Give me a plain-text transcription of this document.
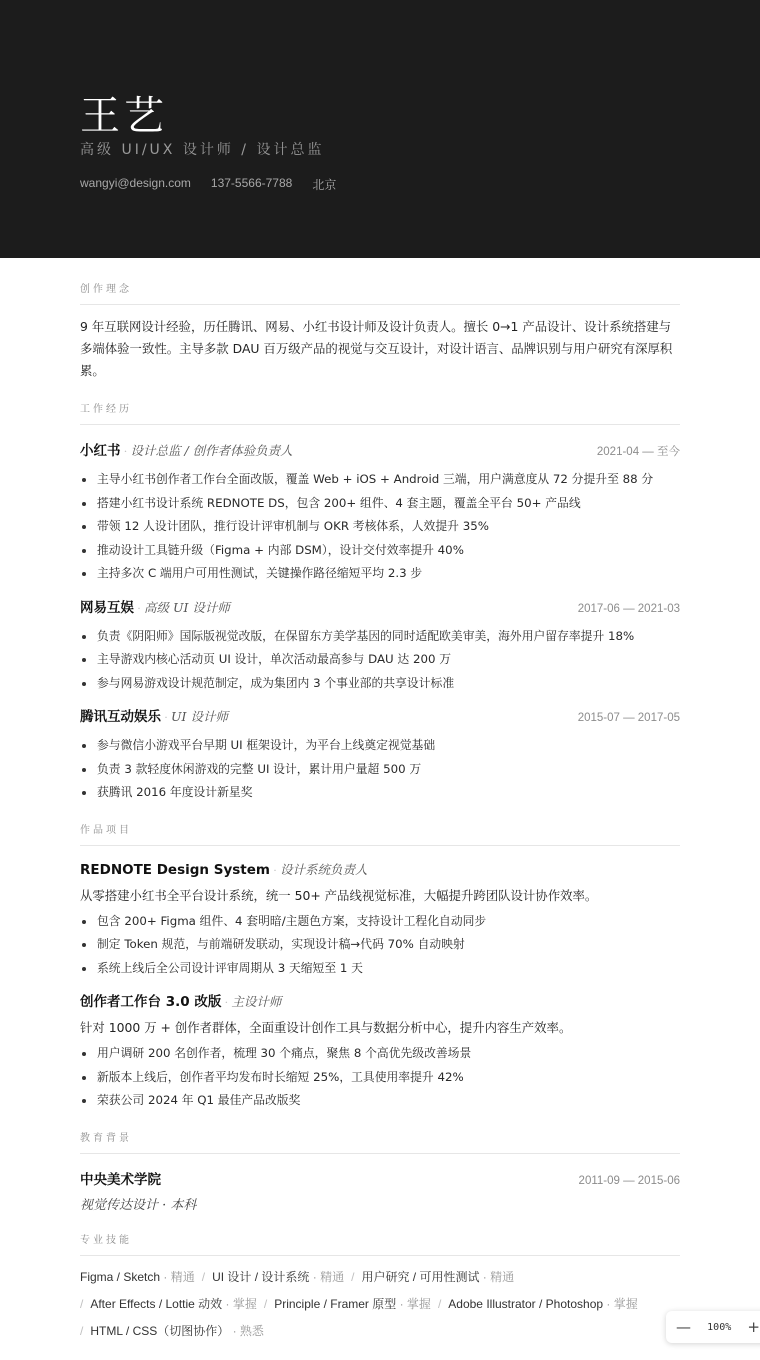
王艺
高级 UI/UX 设计师 / 设计总监
wangyi@design.com 137-5566-7788 北京
创作理念

9 年互联网设计经验，历任腾讯、网易、小红书设计师及设计负责人。擅长 0→1 产品设计、设计系统搭建与多端体验一致性。主导多款 DAU 百万级产品的视觉与交互设计，对设计语言、品牌识别与用户研究有深厚积累。

工作经历
小红书 · 设计总监 / 创作者体验负责人	2021-04 — 至今
主导小红书创作者工作台全面改版，覆盖 Web + iOS + Android 三端，用户满意度从 72 分提升至 88 分
搭建小红书设计系统 REDNOTE DS，包含 200+ 组件、4 套主题，覆盖全平台 50+ 产品线
带领 12 人设计团队，推行设计评审机制与 OKR 考核体系，人效提升 35%
推动设计工具链升级（Figma + 内部 DSM），设计交付效率提升 40%
主持多次 C 端用户可用性测试，关键操作路径缩短平均 2.3 步
网易互娱 · 高级 UI 设计师	2017-06 — 2021-03
负责《阴阳师》国际版视觉改版，在保留东方美学基因的同时适配欧美审美，海外用户留存率提升 18%
主导游戏内核心活动页 UI 设计，单次活动最高参与 DAU 达 200 万
参与网易游戏设计规范制定，成为集团内 3 个事业部的共享设计标准
腾讯互动娱乐 · UI 设计师	2015-07 — 2017-05
参与微信小游戏平台早期 UI 框架设计，为平台上线奠定视觉基础
负责 3 款轻度休闲游戏的完整 UI 设计，累计用户量超 500 万
获腾讯 2016 年度设计新星奖
作品项目
REDNOTE Design System · 设计系统负责人
从零搭建小红书全平台设计系统，统一 50+ 产品线视觉标准，大幅提升跨团队设计协作效率。
包含 200+ Figma 组件、4 套明暗/主题色方案，支持设计工程化自动同步
制定 Token 规范，与前端研发联动，实现设计稿→代码 70% 自动映射
系统上线后全公司设计评审周期从 3 天缩短至 1 天
创作者工作台 3.0 改版 · 主设计师
针对 1000 万 + 创作者群体，全面重设计创作工具与数据分析中心，提升内容生产效率。
用户调研 200 名创作者，梳理 30 个痛点，聚焦 8 个高优先级改善场景
新版本上线后，创作者平均发布时长缩短 25%，工具使用率提升 42%
荣获公司 2024 年 Q1 最佳产品改版奖
教育背景
中央美术学院	2011-09 — 2015-06
视觉传达设计 · 本科
专业技能
Figma / Sketch · 精通 / UI 设计 / 设计系统 · 精通 / 用户研究 / 可用性测试 · 精通
/ After Effects / Lottie 动效 · 掌握 / Principle / Framer 原型 · 掌握 / Adobe Illustrator / Photoshop · 掌握
/ HTML / CSS（切图协作） · 熟悉	— 100% +
